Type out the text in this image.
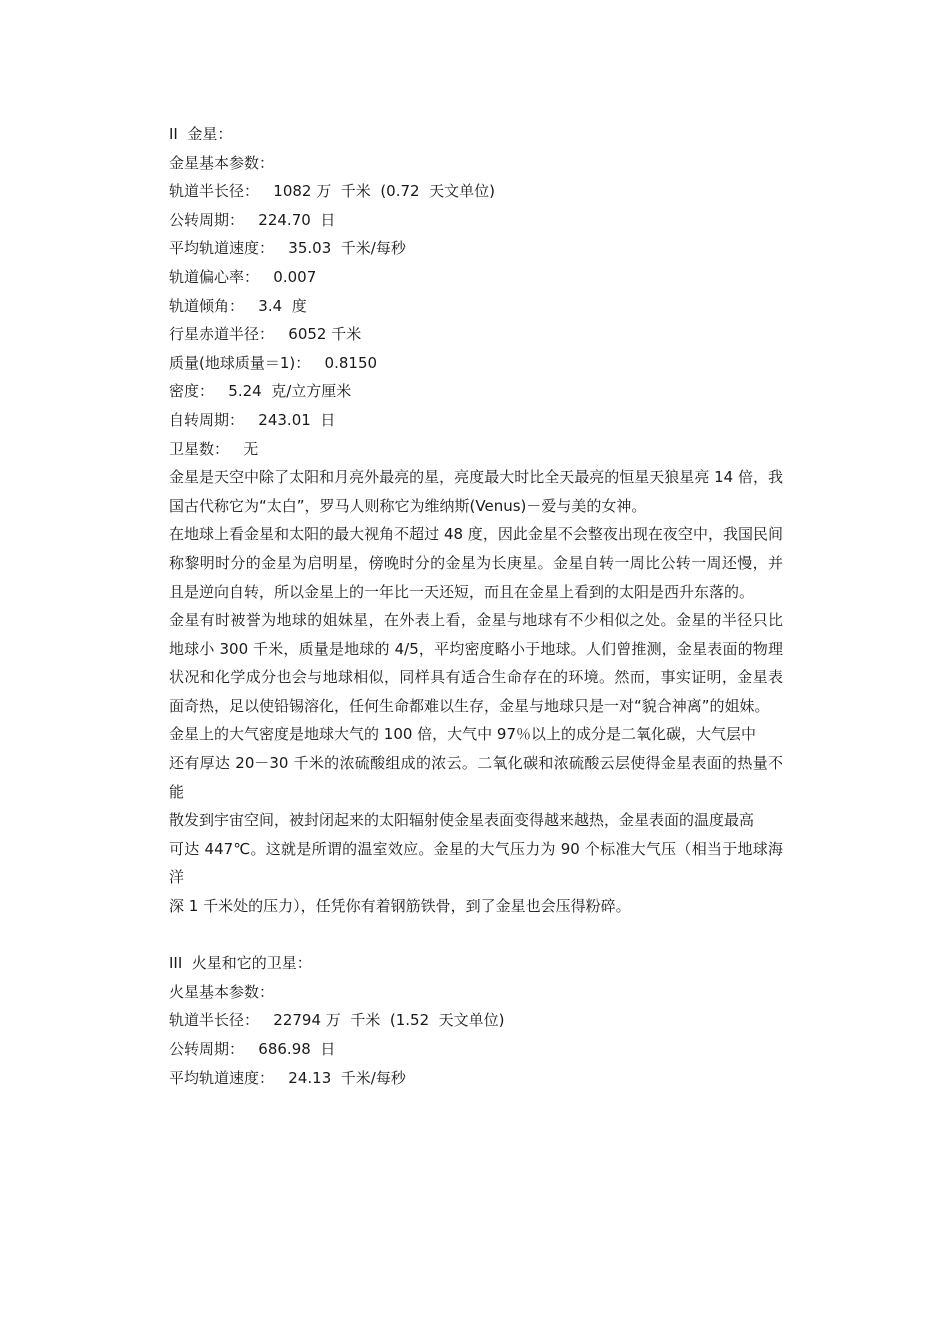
II  金星：
金星基本参数：
轨道半长径：   1082 万  千米  (0.72  天文单位)
公转周期：   224.70  日
平均轨道速度：   35.03  千米/每秒
轨道偏心率：   0.007
轨道倾角：   3.4  度
行星赤道半径：   6052 千米
质量(地球质量＝1)：   0.8150
密度：   5.24  克/立方厘米
自转周期：   243.01  日
卫星数：   无
金星是天空中除了太阳和月亮外最亮的星，亮度最大时比全天最亮的恒星天狼星亮 14 倍，我国古代称它为“太白”，罗马人则称它为维纳斯(Venus)－爱与美的女神。
在地球上看金星和太阳的最大视角不超过 48 度，因此金星不会整夜出现在夜空中，我国民间称黎明时分的金星为启明星，傍晚时分的金星为长庚星。金星自转一周比公转一周还慢，并且是逆向自转，所以金星上的一年比一天还短，而且在金星上看到的太阳是西升东落的。
金星有时被誉为地球的姐妹星，在外表上看，金星与地球有不少相似之处。金星的半径只比地球小 300 千米，质量是地球的 4/5，平均密度略小于地球。人们曾推测，金星表面的物理状况和化学成分也会与地球相似，同样具有适合生命存在的环境。然而，事实证明，金星表面奇热，足以使铅锡溶化，任何生命都难以生存，金星与地球只是一对“貌合神离”的姐妹。
金星上的大气密度是地球大气的 100 倍，大气中 97％以上的成分是二氧化碳，大气层中
还有厚达 20－30 千米的浓硫酸组成的浓云。二氧化碳和浓硫酸云层使得金星表面的热量不能
散发到宇宙空间，被封闭起来的太阳辐射使金星表面变得越来越热，金星表面的温度最高
可达 447℃。这就是所谓的温室效应。金星的大气压力为 90 个标准大气压（相当于地球海洋
深 1 千米处的压力），任凭你有着钢筋铁骨，到了金星也会压得粉碎。
III  火星和它的卫星：
火星基本参数：
轨道半长径：   22794 万  千米  (1.52  天文单位)
公转周期：   686.98  日
平均轨道速度：   24.13  千米/每秒
